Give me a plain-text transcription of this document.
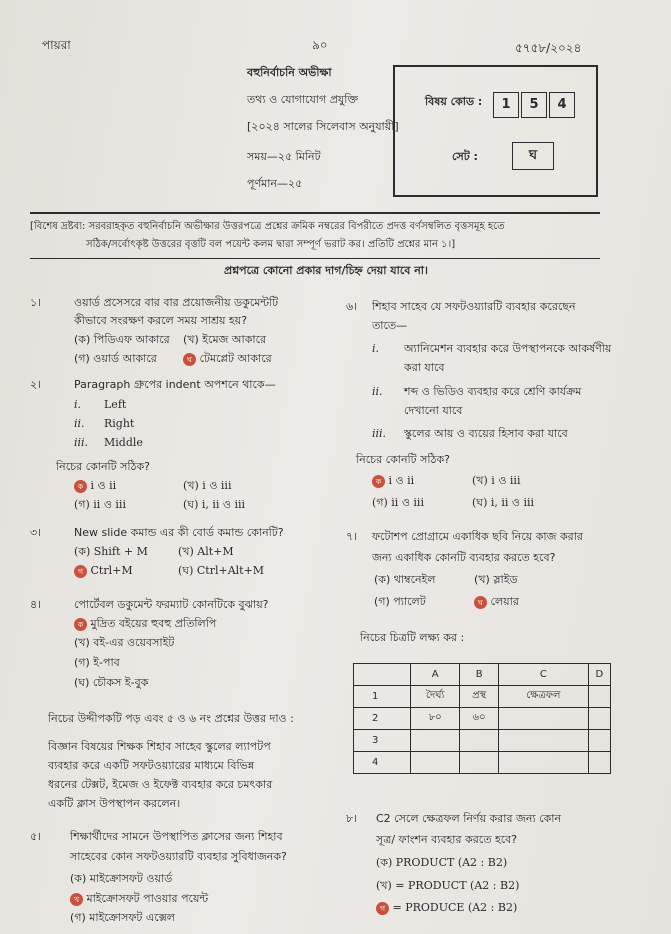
পায়রা	৯০	৫৭৫৮/২০২৪
বহুনির্বাচনি অভীক্ষা
তথ্য ও যোগাযোগ প্রযুক্তি
[২০২৪ সালের সিলেবাস অনুযায়ী]
সময়—২৫ মিনিট
পূর্ণমান—২৫
বিষয় কোড :	1	5	4
সেট :	ঘ
[বিশেষ দ্রষ্টব্য: সরবরাহকৃত বহুনির্বাচনি অভীক্ষার উত্তরপত্রে প্রশ্নের ক্রমিক নম্বরের বিপরীতে প্রদত্ত বর্ণসম্বলিত বৃত্তসমূহ হতে
সঠিক/সর্বোৎকৃষ্ট উত্তরের বৃত্তটি বল পয়েন্ট কলম দ্বারা সম্পূর্ণ ভরাট কর। প্রতিটি প্রশ্নের মান ১।]
প্রশ্নপত্রে কোনো প্রকার দাগ/চিহ্ন দেয়া যাবে না।
১।	ওয়ার্ড প্রসেসরে বার বার প্রয়োজনীয় ডকুমেন্টটি
কীভাবে সংরক্ষণ করলে সময় সাশ্রয় হয়?
(ক) পিডিএফ আকারে (খ) ইমেজ আকারে
(গ) ওয়ার্ড আকারে	ঘ টেমপ্লেট আকারে
২।	Paragraph গ্রুপের indent অপশনে থাকে—
i. Left
ii. Right
iii. Middle
নিচের কোনটি সঠিক?
ক i ও ii	(খ) i ও iii
(গ) ii ও iii	(ঘ) i, ii ও iii
৩।	New slide কমান্ড এর কী বোর্ড কমান্ড কোনটি?
(ক) Shift + M	(খ) Alt+M
গ Ctrl+M	(ঘ) Ctrl+Alt+M
৪।	পোর্টেবল ডকুমেন্ট ফরম্যাট কোনটিকে বুঝায়?
ক মুদ্রিত বইয়ের হুবহু প্রতিলিপি
(খ) বই-এর ওয়েবসাইট
(গ) ই-পাব
(ঘ) চৌকস ই-বুক
নিচের উদ্দীপকটি পড় এবং ৫ ও ৬ নং প্রশ্নের উত্তর দাও :
বিজ্ঞান বিষয়ের শিক্ষক শিহাব সাহেব স্কুলের ল্যাপটপ
ব্যবহার করে একটি সফটওয়্যারের মাধ্যমে বিভিন্ন
ধরনের টেক্সট, ইমেজ ও ইফেক্ট ব্যবহার করে চমৎকার
একটি ক্লাস উপস্থাপন করলেন।
৫।	শিক্ষার্থীদের সামনে উপস্থাপিত ক্লাসের জন্য শিহাব
সাহেবের কোন সফটওয়্যারটি ব্যবহার সুবিধাজনক?
(ক) মাইক্রোসফট ওয়ার্ড
খ মাইক্রোসফট পাওয়ার পয়েন্ট
(গ) মাইক্রোসফট এক্সেল
৬। শিহাব সাহেব যে সফটওয়্যারটি ব্যবহার করেছেন
তাতে—
i. অ্যানিমেশন ব্যবহার করে উপস্থাপনকে আকর্ষণীয়
করা যাবে
ii. শব্দ ও ভিডিও ব্যবহার করে শ্রেণি কার্যক্রম
দেখানো যাবে
iii. স্কুলের আয় ও ব্যয়ের হিসাব করা যাবে
নিচের কোনটি সঠিক?
ক i ও ii	(খ) i ও iii
(গ) ii ও iii	(ঘ) i, ii ও iii
৭। ফটোশপ প্রোগ্রামে একাধিক ছবি নিয়ে কাজ করার
জন্য একাধিক কোনটি ব্যবহার করতে হবে?
(ক) থাম্বনেইল	(খ) স্লাইড
(গ) প্যালেট	ঘ লেয়ার
নিচের চিত্রটি লক্ষ্য কর :
	A	B	C	D
1	দৈর্ঘ্য	প্রস্থ	ক্ষেত্রফল	
2	৮০	৬০		
3				
4				
৮। C2 সেলে ক্ষেত্রফল নির্ণয় করার জন্য কোন
সূত্র/ ফাংশন ব্যবহার করতে হবে?
(ক) PRODUCT (A2 : B2)
(খ) = PRODUCT (A2 : B2)
গ = PRODUCE (A2 : B2)
